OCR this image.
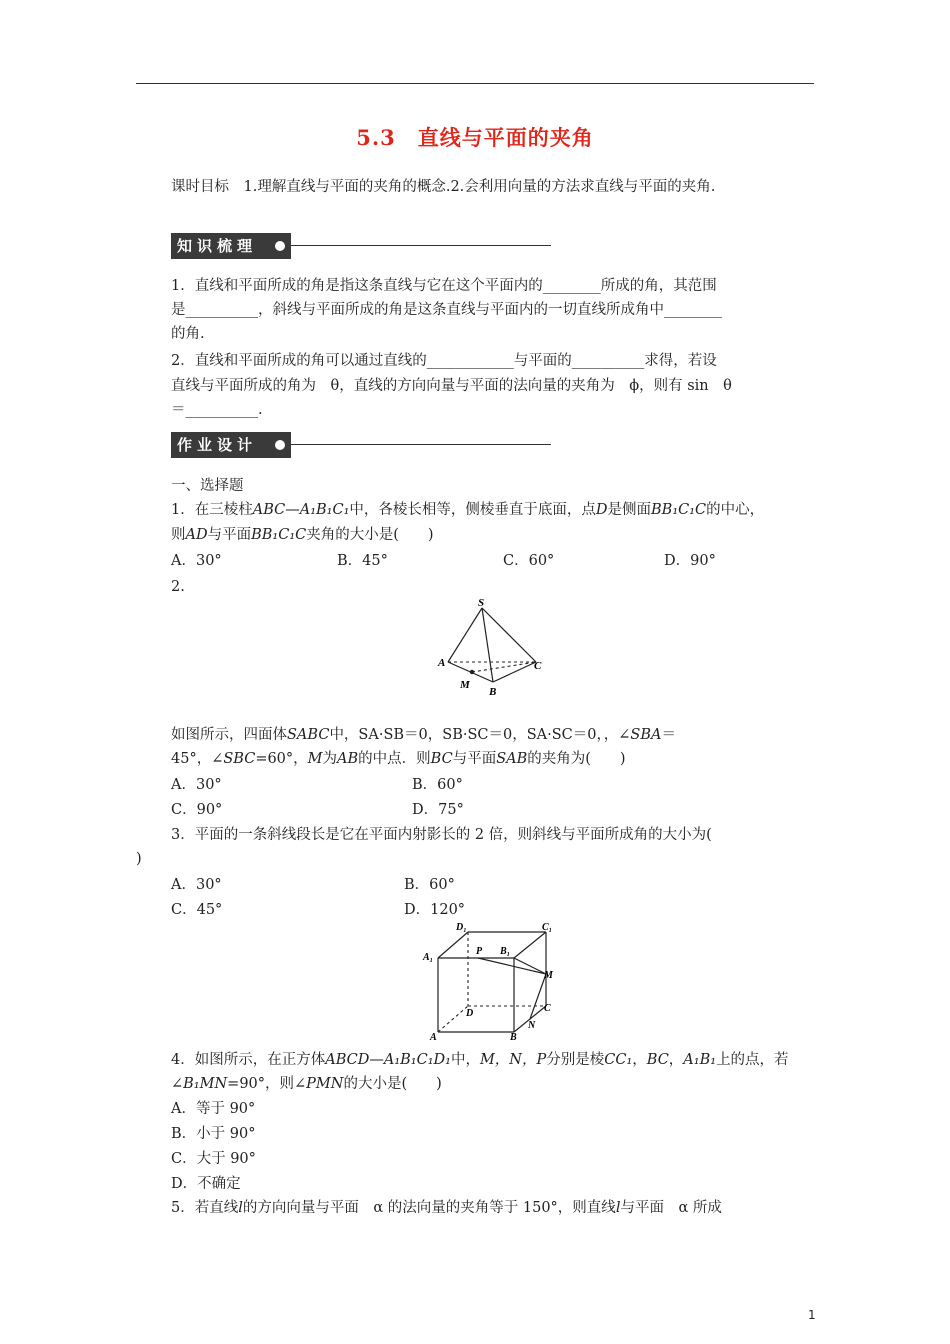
5.3　直线与平面的夹角
课时目标　1.理解直线与平面的夹角的概念.2.会利用向量的方法求直线与平面的夹角.
知识梳理
1．直线和平面所成的角是指这条直线与它在这个平面内的________所成的角，其范围
是__________，斜线与平面所成的角是这条直线与平面内的一切直线所成角中________
的角.
2．直线和平面所成的角可以通过直线的____________与平面的__________求得，若设
直线与平面所成的角为　θ，直线的方向向量与平面的法向量的夹角为　ϕ，则有 sin　θ
＝__________.
作业设计
一、选择题
1．在三棱柱ABC—A₁B₁C₁中，各棱长相等，侧棱垂直于底面，点D是侧面BB₁C₁C的中心，
则AD与平面BB₁C₁C夹角的大小是(　　)
A．30°	B．45°	C．60°	D．90°
2.
S
A	C
M
B
如图所示，四面体SABC中，SA·SB＝0，SB·SC＝0，SA·SC＝0，，∠SBA＝
45°，∠SBC=60°，M为AB的中点．则BC与平面SAB的夹角为(　　)
A．30°	B．60°
C．90°	D．75°
3．平面的一条斜线段长是它在平面内射影长的 2 倍，则斜线与平面所成角的大小为(
)
A．30°	B．60°
C．45°	D．120°
D₁	C₁
A₁
P B₁
M
D	C
A	B
N
4．如图所示，在正方体ABCD—A₁B₁C₁D₁中，M，N，P分别是棱CC₁，BC，A₁B₁上的点，若
∠B₁MN=90°，则∠PMN的大小是(　　)
A．等于 90°
B．小于 90°
C．大于 90°
D．不确定
5．若直线l的方向向量与平面　α 的法向量的夹角等于 150°，则直线l与平面　α 所成
1
